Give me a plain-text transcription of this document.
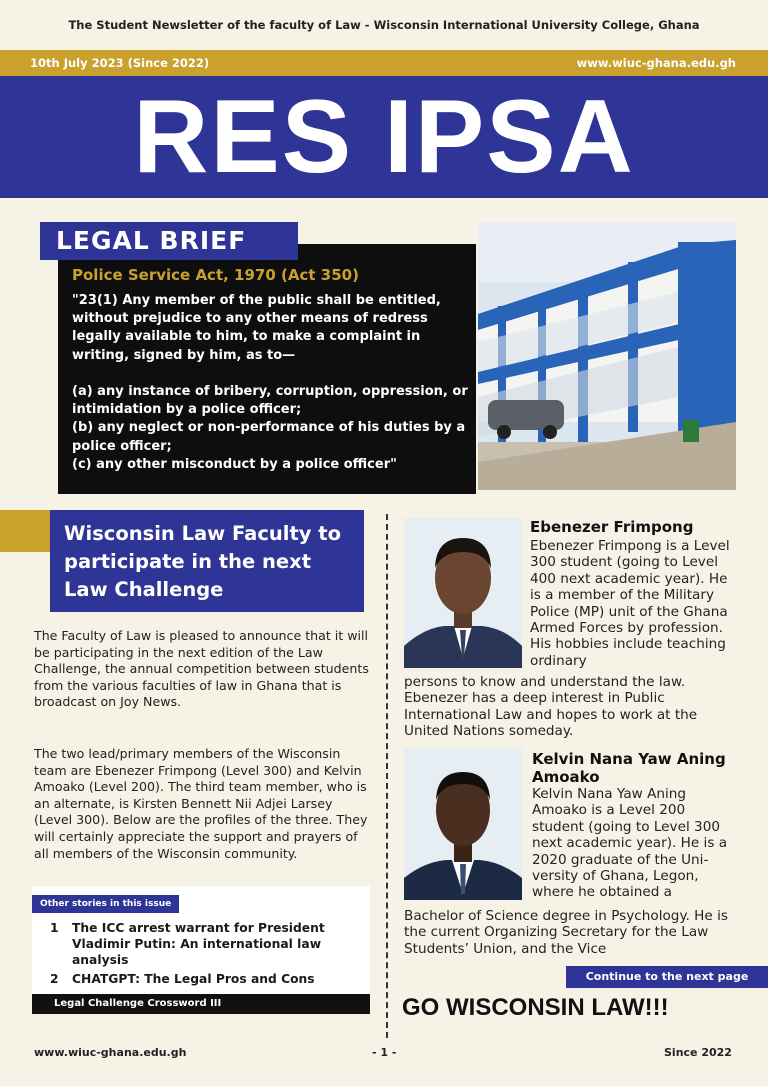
The Student Newsletter of the faculty of Law - Wisconsin International University College, Ghana
10th July 2023 (Since 2022)	www.wiuc-ghana.edu.gh
RES IPSA
LEGAL BRIEF
Police Service Act, 1970 (Act 350)
"23(1) Any member of the public shall be entitled, without prejudice to any other means of redress legally available to him, to make a complaint in writing, signed by him, as to—

(a) any instance of bribery, corruption, oppression, or intimidation by a police officer;
(b) any neglect or non-performance of his duties by a police officer;
(c) any other misconduct by a police officer"
Wisconsin Law Faculty to participate in the next Law Challenge
The Faculty of Law is pleased to announce that it will be participating in the next edition of the Law Challenge, the annual competition between students from the various faculties of law in Ghana that is broadcast on Joy News.
The two lead/primary members of the Wisconsin team are Ebenezer Frimpong (Level 300) and Kelvin Amoako (Level 200). The third team member, who is an alternate, is Kirsten Bennett Nii Adjei Larsey (Level 300). Below are the profiles of the three. They will certainly appreciate the support and prayers of all members of the Wisconsin community.
Other stories in this issue
1 The ICC arrest warrant for President Vladimir Putin: An international law analysis
2 CHATGPT: The Legal Pros and Cons
Legal Challenge Crossword III
Ebenezer Frimpong
Ebenezer Frimpong is a Level 300 student (going to Level 400 next academic year). He is a member of the Military Police (MP) unit of the Ghana Armed Forces by profession. His hobbies include teaching ordinary
persons to know and understand the law. Ebenezer has a deep interest in Public International Law and hopes to work at the United Nations someday.
Kelvin Nana Yaw Aning Amoako
Kelvin Nana Yaw Aning Amoako is a Level 200 student (going to Level 300 next academic year). He is a 2020 graduate of the Uni-versity of Ghana, Legon, where he obtained a
Bachelor of Science degree in Psychology. He is the current Organizing Secretary for the Law Students’ Union, and the Vice
Continue to the next page
GO WISCONSIN LAW!!!
www.wiuc-ghana.edu.gh	- 1 -	Since 2022
